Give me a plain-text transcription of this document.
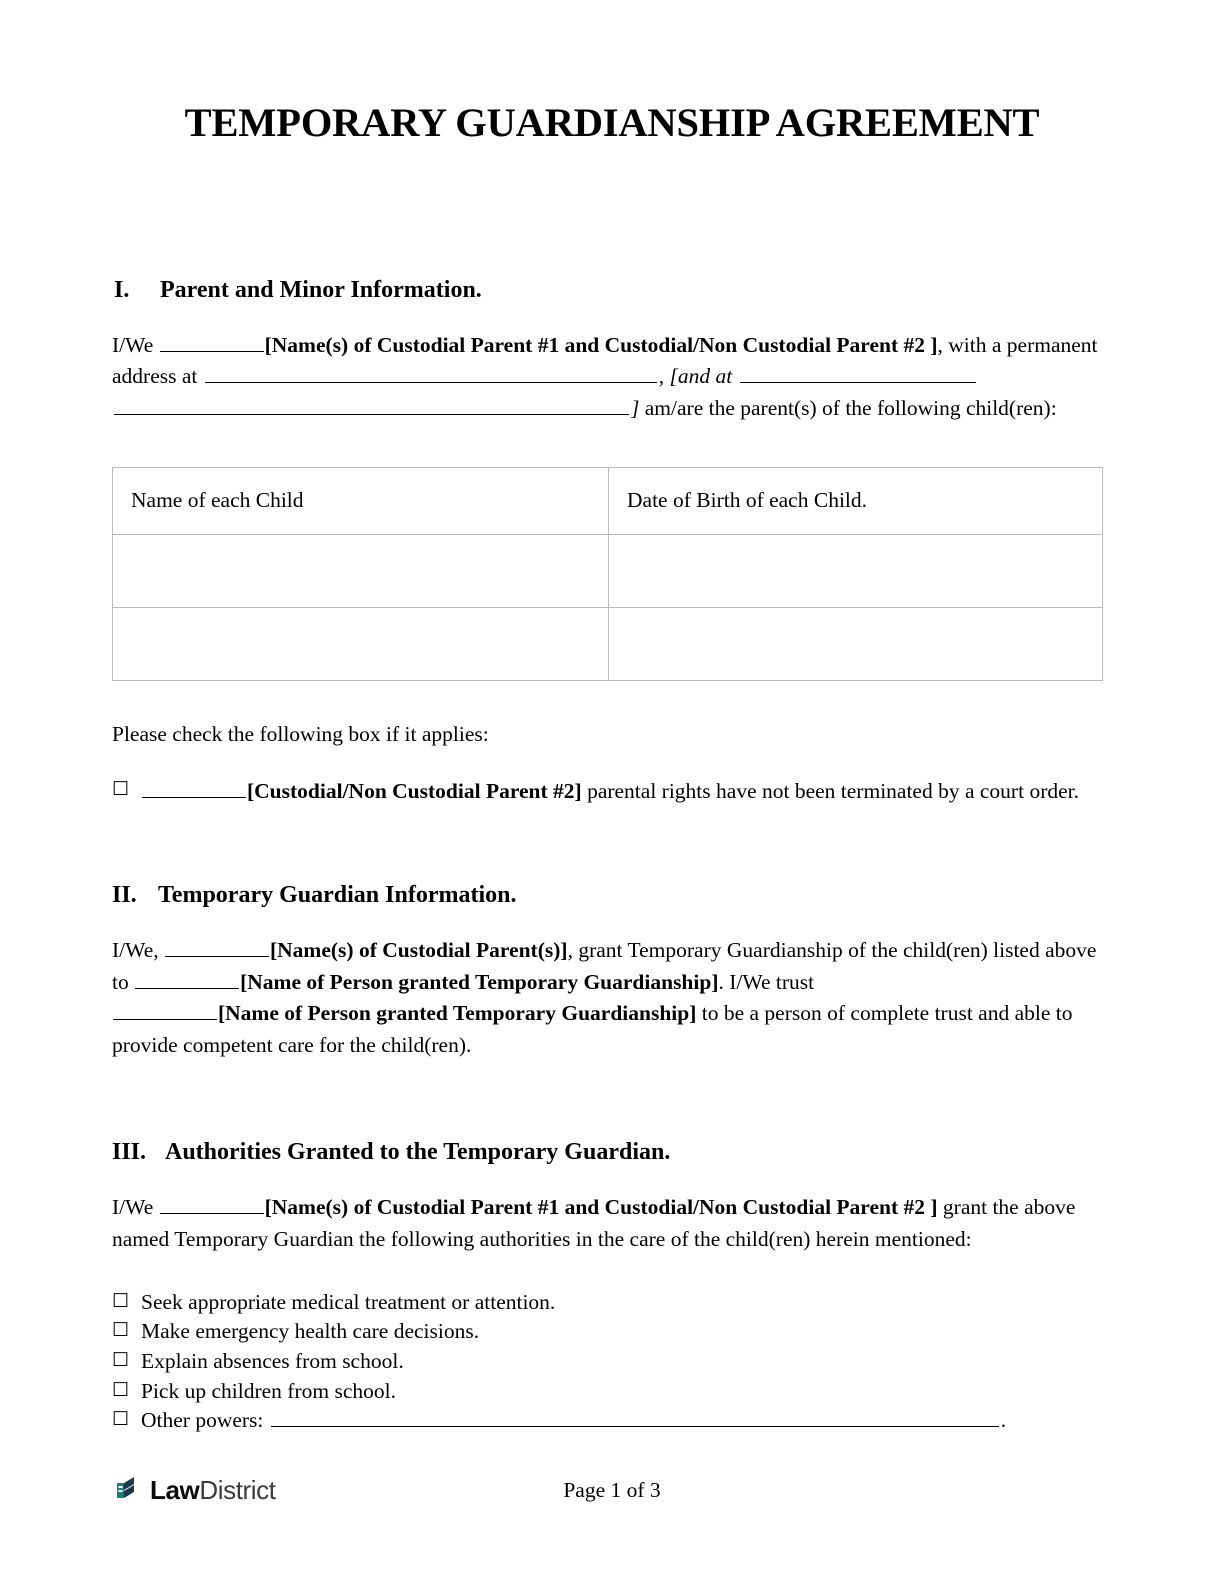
TEMPORARY GUARDIANSHIP AGREEMENT
I. Parent and Minor Information.

I/We	[Name(s) of Custodial Parent #1 and Custodial/Non Custodial Parent #2 ], with a permanent address at	, [and at
] am/are the parent(s) of the following child(ren):

Name of each Child	Date of Birth of each Child.

Please check the following box if it applies:

☐	[Custodial/Non Custodial Parent #2] parental rights have not been terminated by a court order.
II. Temporary Guardian Information.

I/We,	[Name(s) of Custodial Parent(s)], grant Temporary Guardianship of the child(ren) listed above to	[Name of Person granted Temporary Guardianship]. I/We trust
[Name of Person granted Temporary Guardianship] to be a person of complete trust and able to provide competent care for the child(ren).

III. Authorities Granted to the Temporary Guardian.

I/We	[Name(s) of Custodial Parent #1 and Custodial/Non Custodial Parent #2 ] grant the above named Temporary Guardian the following authorities in the care of the child(ren) herein mentioned:

☐ Seek appropriate medical treatment or attention.
☐ Make emergency health care decisions.
☐ Explain absences from school.
☐ Pick up children from school.
☐ Other powers:	.
LawDistrict	Page 1 of 3
